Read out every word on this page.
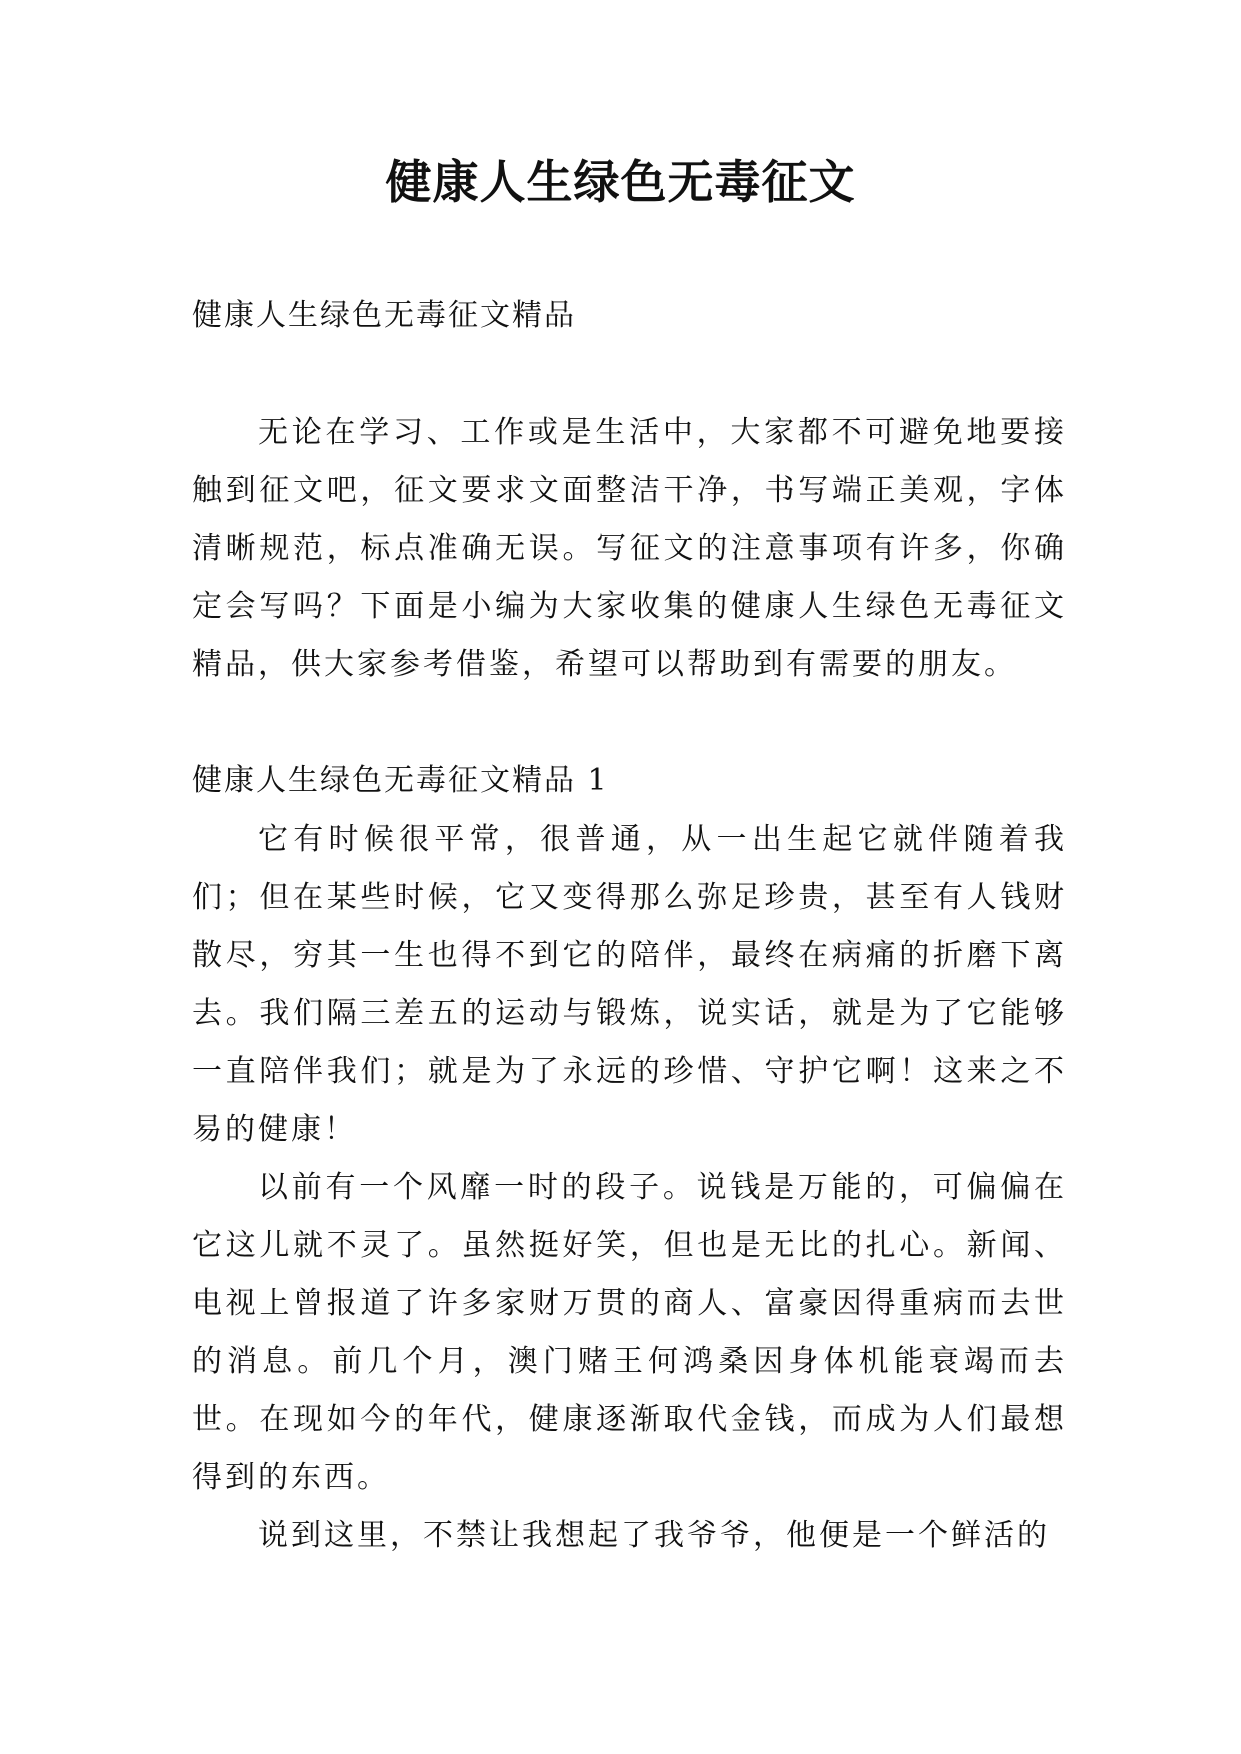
健康人生绿色无毒征文
健康人生绿色无毒征文精品

无论在学习、工作或是生活中，大家都不可避免地要接触到征文吧，征文要求文面整洁干净，书写端正美观，字体清晰规范，标点准确无误。写征文的注意事项有许多，你确定会写吗？下面是小编为大家收集的健康人生绿色无毒征文精品，供大家参考借鉴，希望可以帮助到有需要的朋友。

健康人生绿色无毒征文精品 1

它有时候很平常，很普通，从一出生起它就伴随着我们；但在某些时候，它又变得那么弥足珍贵，甚至有人钱财散尽，穷其一生也得不到它的陪伴，最终在病痛的折磨下离去。我们隔三差五的运动与锻炼，说实话，就是为了它能够一直陪伴我们；就是为了永远的珍惜、守护它啊！这来之不易的健康！

以前有一个风靡一时的段子。说钱是万能的，可偏偏在它这儿就不灵了。虽然挺好笑，但也是无比的扎心。新闻、电视上曾报道了许多家财万贯的商人、富豪因得重病而去世的消息。前几个月，澳门赌王何鸿桑因身体机能衰竭而去世。在现如今的年代，健康逐渐取代金钱，而成为人们最想得到的东西。

说到这里，不禁让我想起了我爷爷，他便是一个鲜活的
